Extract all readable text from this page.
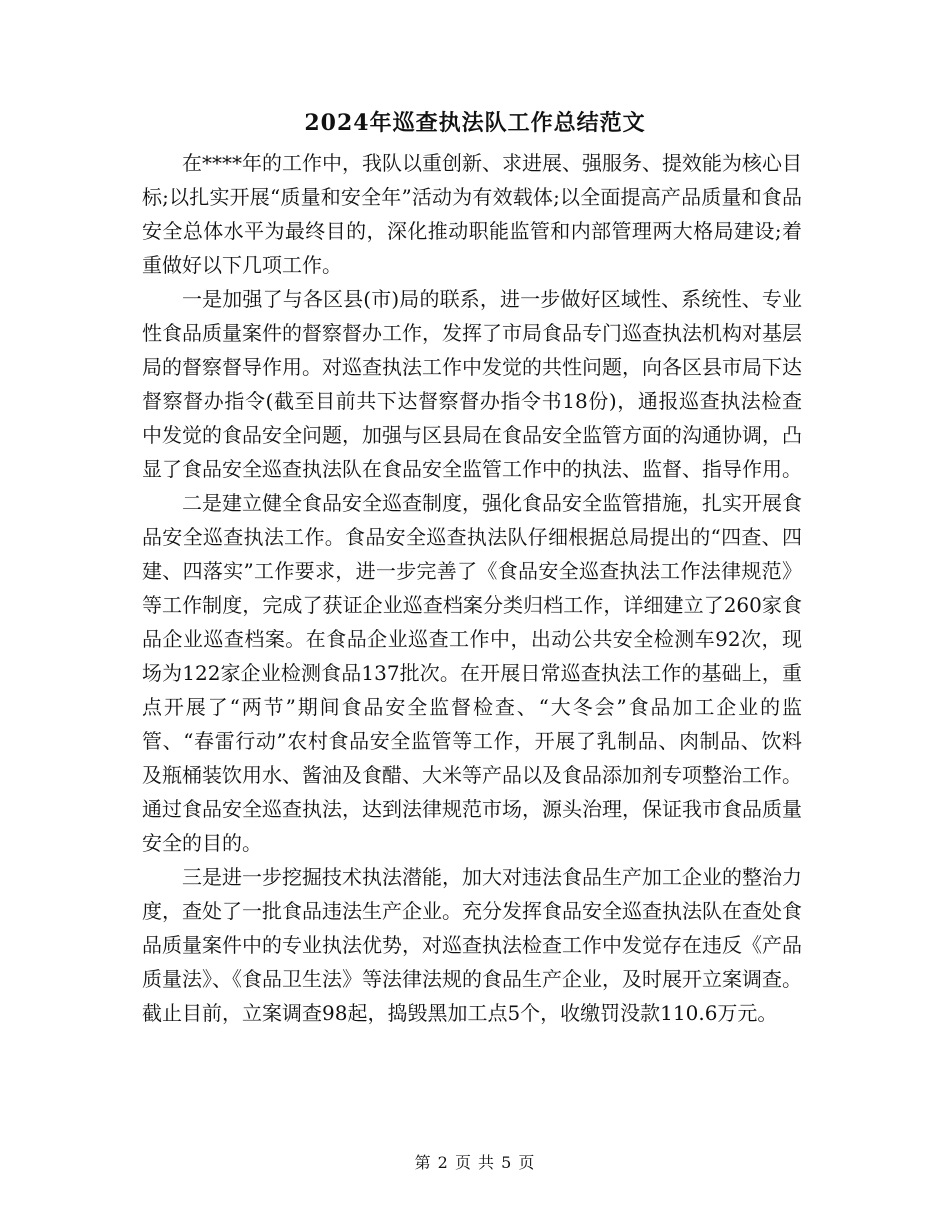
2024年巡查执法队工作总结范文

在****年的工作中，我队以重创新、求进展、强服务、提效能为核心目标;以扎实开展“质量和安全年”活动为有效载体;以全面提高产品质量和食品安全总体水平为最终目的，深化推动职能监管和内部管理两大格局建设;着重做好以下几项工作。

一是加强了与各区县(市)局的联系，进一步做好区域性、系统性、专业性食品质量案件的督察督办工作，发挥了市局食品专门巡查执法机构对基层局的督察督导作用。对巡查执法工作中发觉的共性问题，向各区县市局下达督察督办指令(截至目前共下达督察督办指令书18份)，通报巡查执法检查中发觉的食品安全问题，加强与区县局在食品安全监管方面的沟通协调，凸显了食品安全巡查执法队在食品安全监管工作中的执法、监督、指导作用。

二是建立健全食品安全巡查制度，强化食品安全监管措施，扎实开展食品安全巡查执法工作。食品安全巡查执法队仔细根据总局提出的“四查、四建、四落实”工作要求，进一步完善了《食品安全巡查执法工作法律规范》等工作制度，完成了获证企业巡查档案分类归档工作，详细建立了260家食品企业巡查档案。在食品企业巡查工作中，出动公共安全检测车92次，现场为122家企业检测食品137批次。在开展日常巡查执法工作的基础上，重点开展了“两节”期间食品安全监督检查、“大冬会”食品加工企业的监管、“春雷行动”农村食品安全监管等工作，开展了乳制品、肉制品、饮料及瓶桶装饮用水、酱油及食醋、大米等产品以及食品添加剂专项整治工作。通过食品安全巡查执法，达到法律规范市场，源头治理，保证我市食品质量安全的目的。

三是进一步挖掘技术执法潜能，加大对违法食品生产加工企业的整治力度，查处了一批食品违法生产企业。充分发挥食品安全巡查执法队在查处食品质量案件中的专业执法优势，对巡查执法检查工作中发觉存在违反《产品质量法》、《食品卫生法》等法律法规的食品生产企业，及时展开立案调查。截止目前，立案调查98起，捣毁黑加工点5个，收缴罚没款110.6万元。

第 2 页 共 5 页
